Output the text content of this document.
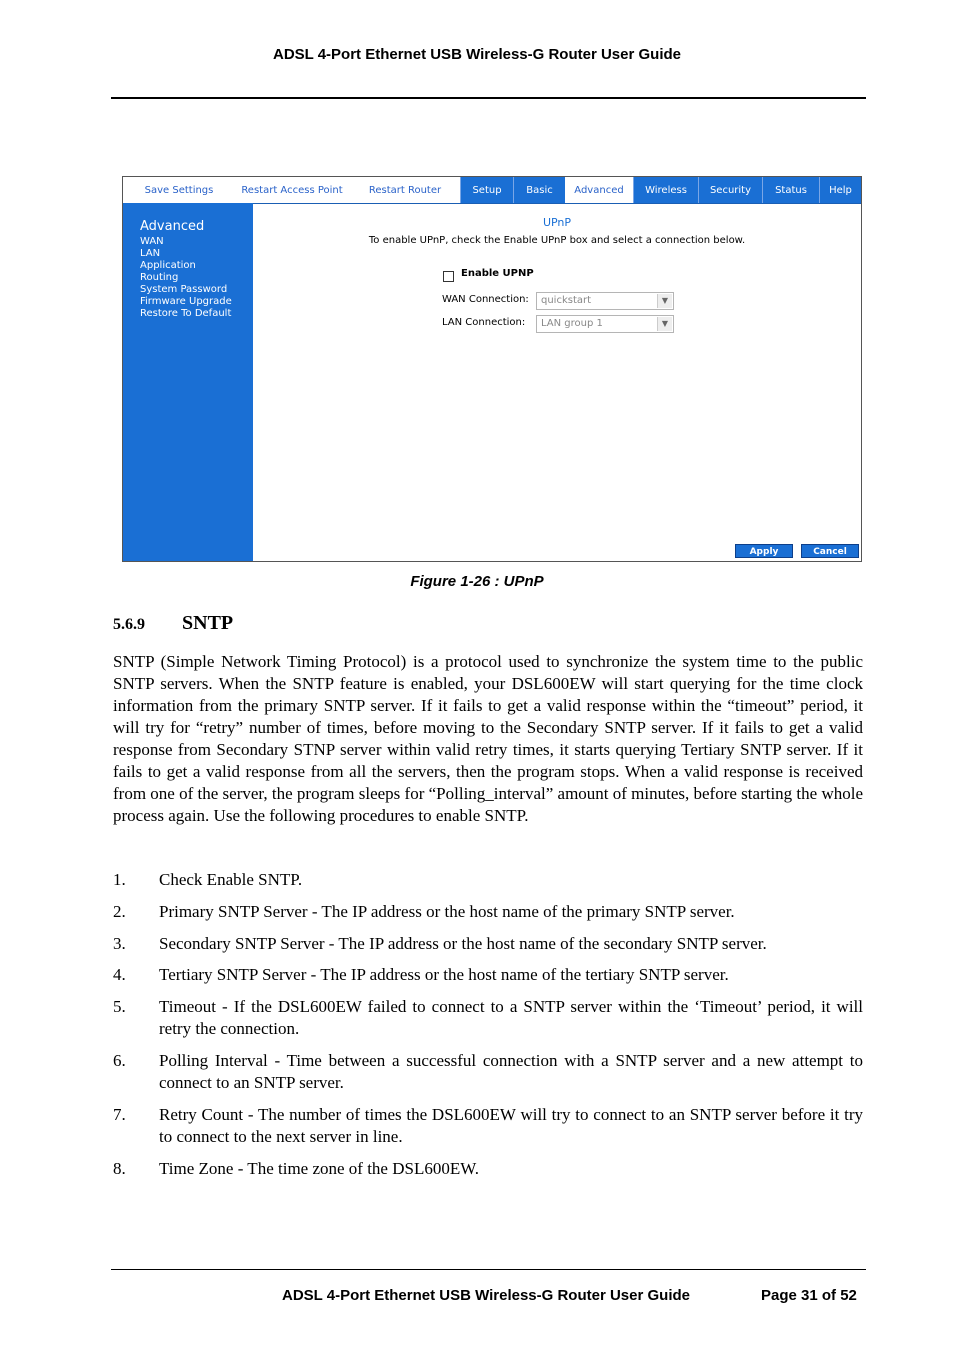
ADSL 4-Port Ethernet USB Wireless-G Router User Guide
Save Settings	Restart Access Point	Restart Router	Setup	Basic	Advanced	Wireless	Security	Status	Help
Advanced
WAN
LAN
Application
Routing
System Password
Firmware Upgrade
Restore To Default
UPnP
To enable UPnP, check the Enable UPnP box and select a connection below.
Enable UPNP
WAN Connection: quickstart	▼
LAN Connection: LAN group 1	▼
Apply	Cancel
Figure 1-26 : UPnP
5.6.9 SNTP
SNTP (Simple Network Timing Protocol) is a protocol used to synchronize the system time to the public SNTP servers. When the SNTP feature is enabled, your DSL600EW will start querying for the time clock information from the primary SNTP server. If it fails to get a valid response within the “timeout” period, it will try for “retry” number of times, before moving to the Secondary SNTP server. If it fails to get a valid response from Secondary STNP server within valid retry times, it starts querying Tertiary SNTP server. If it fails to get a valid response from all the servers, then the program stops. When a valid response is received from one of the server, the program sleeps for “Polling_interval” amount of minutes, before starting the whole process again. Use the following procedures to enable SNTP.
1. Check Enable SNTP.
2. Primary SNTP Server - The IP address or the host name of the primary SNTP server.
3. Secondary SNTP Server - The IP address or the host name of the secondary SNTP server.
4. Tertiary SNTP Server - The IP address or the host name of the tertiary SNTP server.
5. Timeout - If the DSL600EW failed to connect to a SNTP server within the ‘Timeout’ period, it will retry the connection.
6. Polling Interval - Time between a successful connection with a SNTP server and a new attempt to connect to an SNTP server.
7. Retry Count - The number of times the DSL600EW will try to connect to an SNTP server before it try to connect to the next server in line.
8. Time Zone - The time zone of the DSL600EW.
ADSL 4-Port Ethernet USB Wireless-G Router User Guide	Page 31 of 52
